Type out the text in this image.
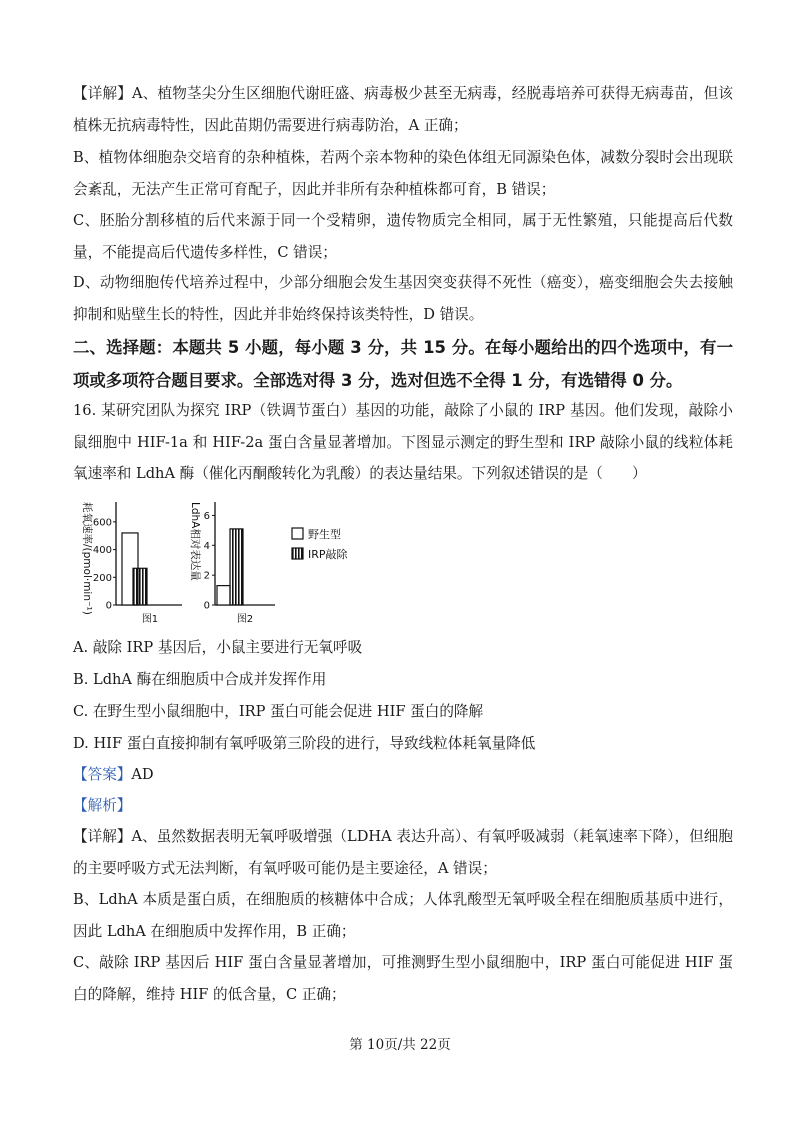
【详解】A、植物茎尖分生区细胞代谢旺盛、病毒极少甚至无病毒，经脱毒培养可获得无病毒苗，但该植株无抗病毒特性，因此苗期仍需要进行病毒防治，A 正确；

B、植物体细胞杂交培育的杂种植株，若两个亲本物种的染色体组无同源染色体，减数分裂时会出现联会紊乱，无法产生正常可育配子，因此并非所有杂种植株都可育，B 错误；

C、胚胎分割移植的后代来源于同一个受精卵，遗传物质完全相同，属于无性繁殖，只能提高后代数量，不能提高后代遗传多样性，C 错误；

D、动物细胞传代培养过程中，少部分细胞会发生基因突变获得不死性（癌变），癌变细胞会失去接触抑制和贴壁生长的特性，因此并非始终保持该类特性，D 错误。

二、选择题：本题共 5 小题，每小题 3 分，共 15 分。在每小题给出的四个选项中，有一项或多项符合题目要求。全部选对得 3 分，选对但选不全得 1 分，有选错得 0 分。

16. 某研究团队为探究 IRP（铁调节蛋白）基因的功能，敲除了小鼠的 IRP 基因。他们发现，敲除小鼠细胞中 HIF-1a 和 HIF-2a 蛋白含量显著增加。下图显示测定的野生型和 IRP 敲除小鼠的线粒体耗氧速率和 LdhA 酶（催化丙酮酸转化为乳酸）的表达量结果。下列叙述错误的是（　　）

耗氧速率/(pmol·min⁻¹) 0
200
400
600
图1
LdhA相对表达量
0
2
4
6
图2
野生型
IRP敲除

A. 敲除 IRP 基因后，小鼠主要进行无氧呼吸

B. LdhA 酶在细胞质中合成并发挥作用

C. 在野生型小鼠细胞中，IRP 蛋白可能会促进 HIF 蛋白的降解

D. HIF 蛋白直接抑制有氧呼吸第三阶段的进行，导致线粒体耗氧量降低

【答案】AD

【解析】

【详解】A、虽然数据表明无氧呼吸增强（LDHA 表达升高）、有氧呼吸减弱（耗氧速率下降），但细胞的主要呼吸方式无法判断，有氧呼吸可能仍是主要途径，A 错误；

B、LdhA 本质是蛋白质，在细胞质的核糖体中合成；人体乳酸型无氧呼吸全程在细胞质基质中进行，因此 LdhA 在细胞质中发挥作用，B 正确；

C、敲除 IRP 基因后 HIF 蛋白含量显著增加，可推测野生型小鼠细胞中，IRP 蛋白可能促进 HIF 蛋白的降解，维持 HIF 的低含量，C 正确；

第 10页/共 22页
